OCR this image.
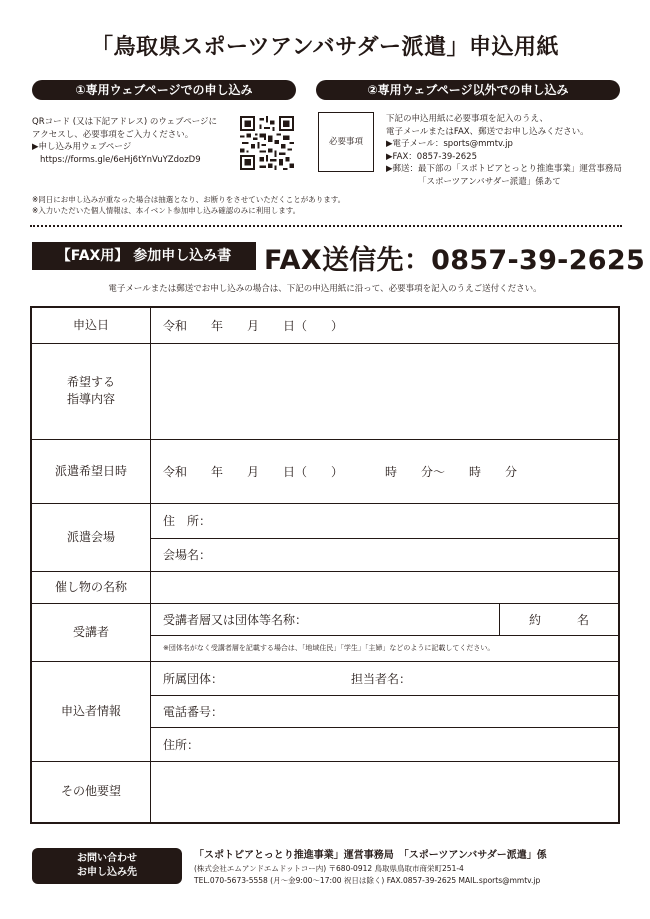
「鳥取県スポーツアンバサダー派遣」申込用紙
①専用ウェブページでの申し込み	②専用ウェブページ以外での申し込み
QRコード (又は下記アドレス) のウェブページに
アクセスし、必要事項をご入力ください。
▶申し込み用ウェブページ
https://forms.gle/6eHj6tYnVuYZdozD9
必要事項
下記の申込用紙に必要事項を記入のうえ、
電子メールまたはFAX、郵送でお申し込みください。
▶電子メール：sports@mmtv.jp
▶FAX：0857-39-2625
▶郵送：最下部の「スポトピアとっとり推進事業」運営事務局
「スポーツアンバサダー派遣」係あて
※同日にお申し込みが重なった場合は抽選となり、お断りをさせていただくことがあります。
※入力いただいた個人情報は、本イベント参加申し込み確認のみに利用します。
【FAX用】 参加申し込み書	FAX送信先：0857-39-2625
電子メールまたは郵送でお申し込みの場合は、下記の申込用紙に沿って、必要事項を記入のうえご送付ください。
申込日	令和　　年　　月　　日（　　）	

希望する
指導内容		

派遣希望日時	令和　　年　　月　　日（　　）　　　　時　　分〜　　時　　分	
派遣会場	住　所：	
	会場名：	
催し物の名称		
受講者	受講者層又は団体等名称：	約　　　名
	※団体名がなく受講者層を記載する場合は、「地域住民」「学生」「主婦」などのように記載してください。	
申込者情報	所属団体： 担当者名：	
	電話番号：	
	住所：	
その他要望		
お問い合わせ
お申し込み先
「スポトピアとっとり推進事業」運営事務局　「スポーツアンバサダー派遣」係
(株式会社エムアンドエムドットコー内) 〒680-0912 鳥取県鳥取市商栄町251-4
TEL.070-5673-5558 (月〜金9:00〜17:00 祝日は除く) FAX.0857-39-2625 MAIL.sports@mmtv.jp
